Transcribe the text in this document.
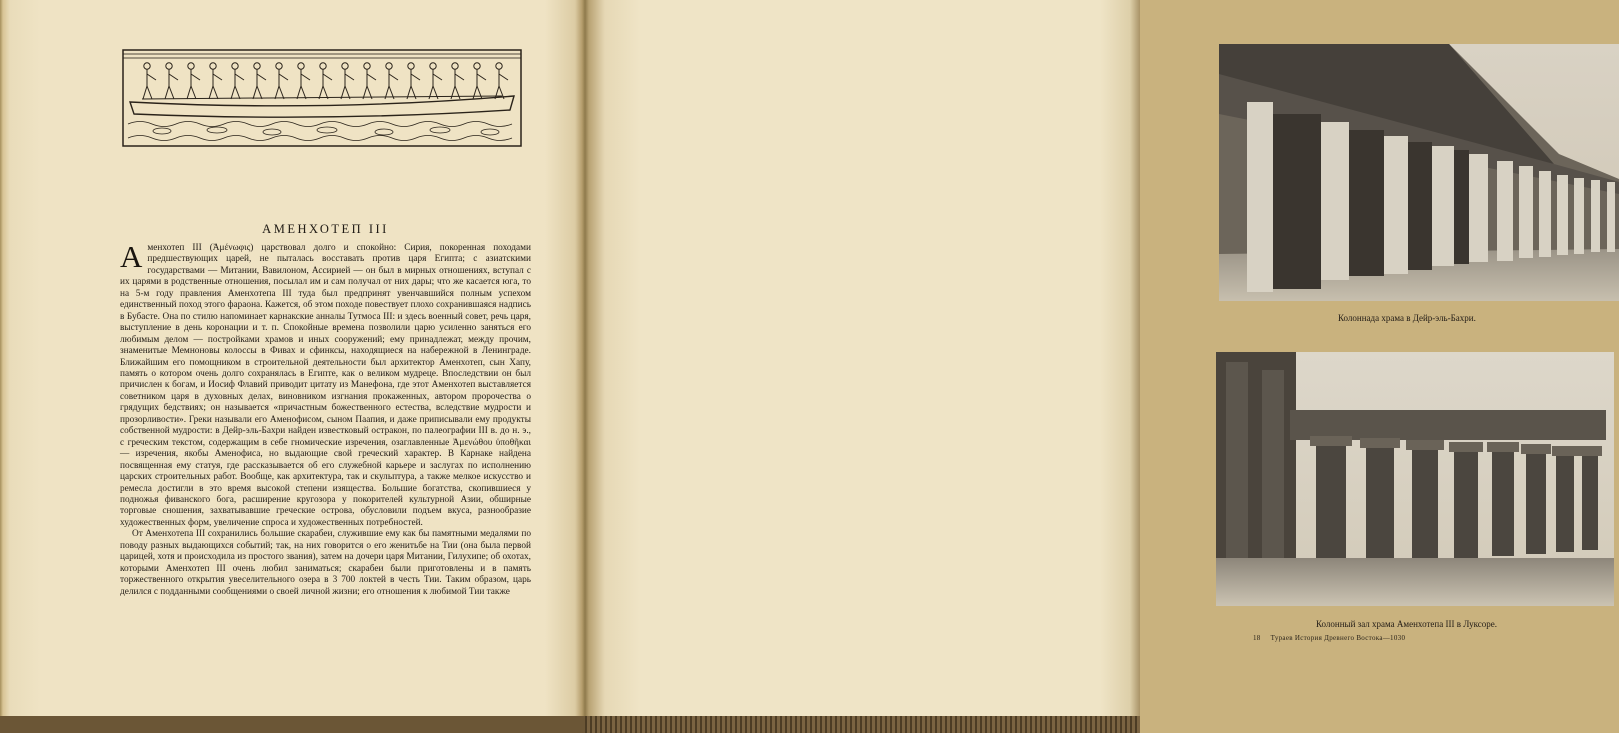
АМЕНХОТЕП III

Аменхотеп III (Ἀμένωφις) царствовал долго и спокойно: Сирия, покоренная походами предшествующих царей, не пыталась восставать против царя Египта; с азиатскими государствами — Митании, Вавилоном, Ассирией — он был в мирных отношениях, вступал с их царями в родственные отношения, посылал им и сам получал от них дары; что же касается юга, то на 5-м году правления Аменхотепа III туда был предпринят увенчавшийся полным успехом единственный поход этого фараона. Кажется, об этом походе повествует плохо сохранившаяся надпись в Бубасте. Она по стилю напоминает карнакские анналы Тутмоса III: и здесь военный совет, речь царя, выступление в день коронации и т. п. Спокойные времена позволили царю усиленно заняться его любимым делом — постройками храмов и иных сооружений; ему принадлежат, между прочим, знаменитые Мемноновы колоссы в Фивах и сфинксы, находящиеся на набережной в Ленинграде. Ближайшим его помощником в строительной деятельности был архитектор Аменхотеп, сын Хапу, память о котором очень долго сохранялась в Египте, как о великом мудреце. Впоследствии он был причислен к богам, и Иосиф Флавий приводит цитату из Манефона, где этот Аменхотеп выставляется советником царя в духовных делах, виновником изгнания прокаженных, автором пророчества о грядущих бедствиях; он называется «причастным божественного естества, вследствие мудрости и прозорливости». Греки называли его Аменофисом, сыном Паапия, и даже приписывали ему продукты собственной мудрости: в Дейр-эль-Бахри найден известковый остракон, по палеографии III в. до н. э., с греческим текстом, содержащим в себе гномические изречения, озаглавленные Ἀμενώθου ὑποθῆκαι — изречения, якобы Аменофиса, но выдающие свой греческий характер. В Карнаке найдена посвященная ему статуя, где рассказывается об его служебной карьере и заслугах по исполнению царских строительных работ. Вообще, как архитектура, так и скульптура, а также мелкое искусство и ремесла достигли в это время высокой степени изящества. Большие богатства, скопившиеся у подножья фиванского бога, расширение кругозора у покорителей культурной Азии, обширные торговые сношения, захватывавшие греческие острова, обусловили подъем вкуса, разнообразие художественных форм, увеличение спроса и художественных потребностей.

От Аменхотепа III сохранились большие скарабеи, служившие ему как бы памятными медалями по поводу разных выдающихся событий; так, на них говорится о его женитьбе на Тии (она была первой царицей, хотя и происходила из простого звания), затем на дочери царя Митании, Гилухипе; об охотах, которыми Аменхотеп III очень любил заниматься; скарабеи были приготовлены и в память торжественного открытия увеселительного озера в 3 700 локтей в честь Тии. Таким образом, царь делился с подданными сообщениями о своей личной жизни; его отношения к любимой Тии также

Колоннада храма в Дейр-эль-Бахри.
Колонный зал храма Аменхотепа III в Луксоре.
18 Тураев История Древнего Востока—1030
